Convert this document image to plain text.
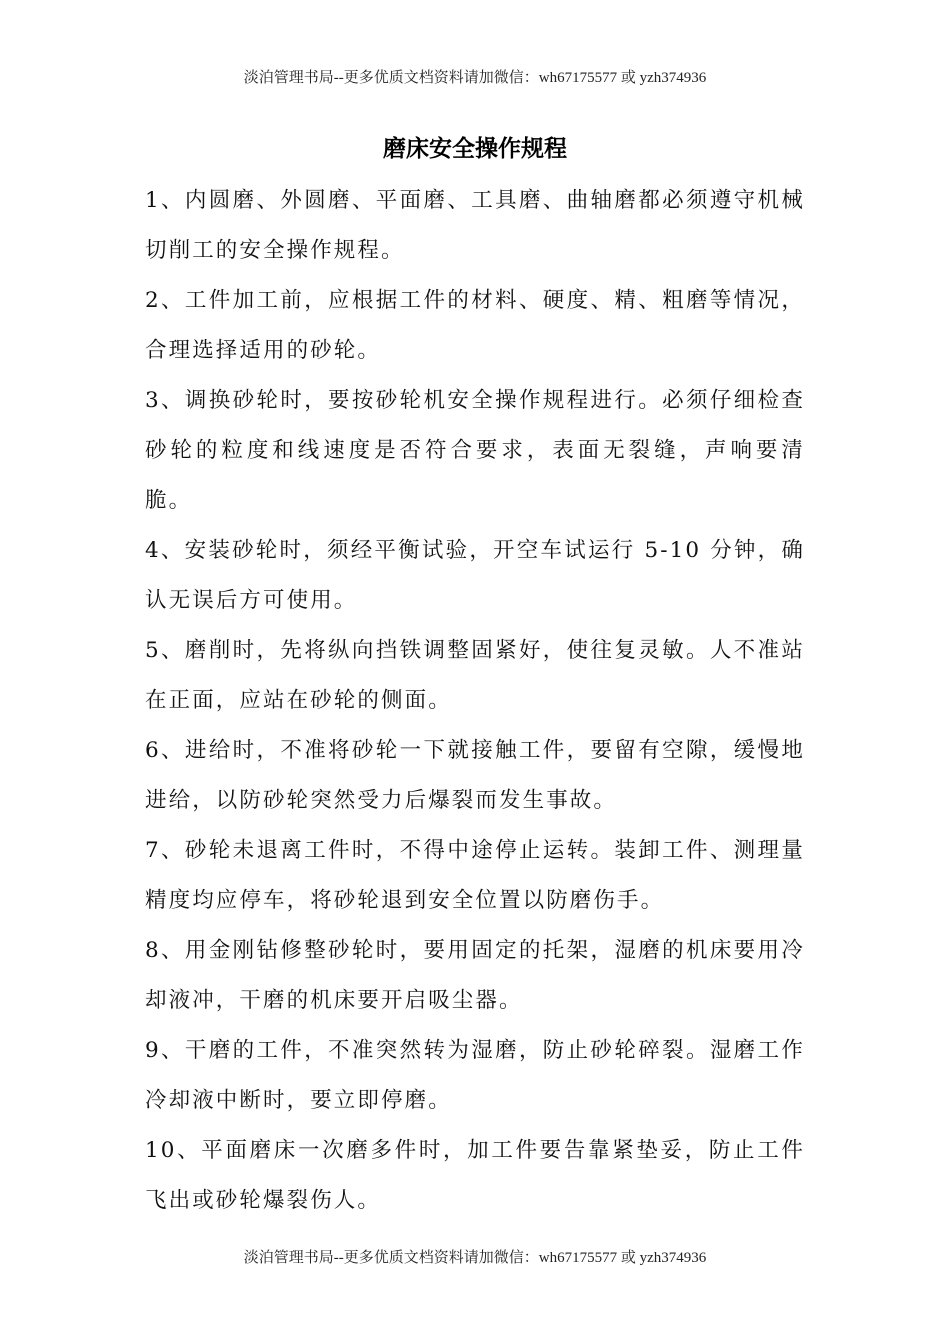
淡泊管理书局--更多优质文档资料请加微信：wh67175577 或 yzh374936
磨床安全操作规程

1、内圆磨、外圆磨、平面磨、工具磨、曲轴磨都必须遵守机械切削工的安全操作规程。

2、工件加工前，应根据工件的材料、硬度、精、粗磨等情况，合理选择适用的砂轮。

3、调换砂轮时，要按砂轮机安全操作规程进行。必须仔细检查砂轮的粒度和线速度是否符合要求，表面无裂缝，声响要清脆。

4、安装砂轮时，须经平衡试验，开空车试运行 5-10 分钟，确认无误后方可使用。

5、磨削时，先将纵向挡铁调整固紧好，使往复灵敏。人不准站在正面，应站在砂轮的侧面。

6、进给时，不准将砂轮一下就接触工件，要留有空隙，缓慢地进给，以防砂轮突然受力后爆裂而发生事故。

7、砂轮未退离工件时，不得中途停止运转。装卸工件、测理量精度均应停车，将砂轮退到安全位置以防磨伤手。

8、用金刚钻修整砂轮时，要用固定的托架，湿磨的机床要用冷却液冲，干磨的机床要开启吸尘器。

9、干磨的工件，不准突然转为湿磨，防止砂轮碎裂。湿磨工作冷却液中断时，要立即停磨。

10、平面磨床一次磨多件时，加工件要告靠紧垫妥，防止工件飞出或砂轮爆裂伤人。

淡泊管理书局--更多优质文档资料请加微信：wh67175577 或 yzh374936
